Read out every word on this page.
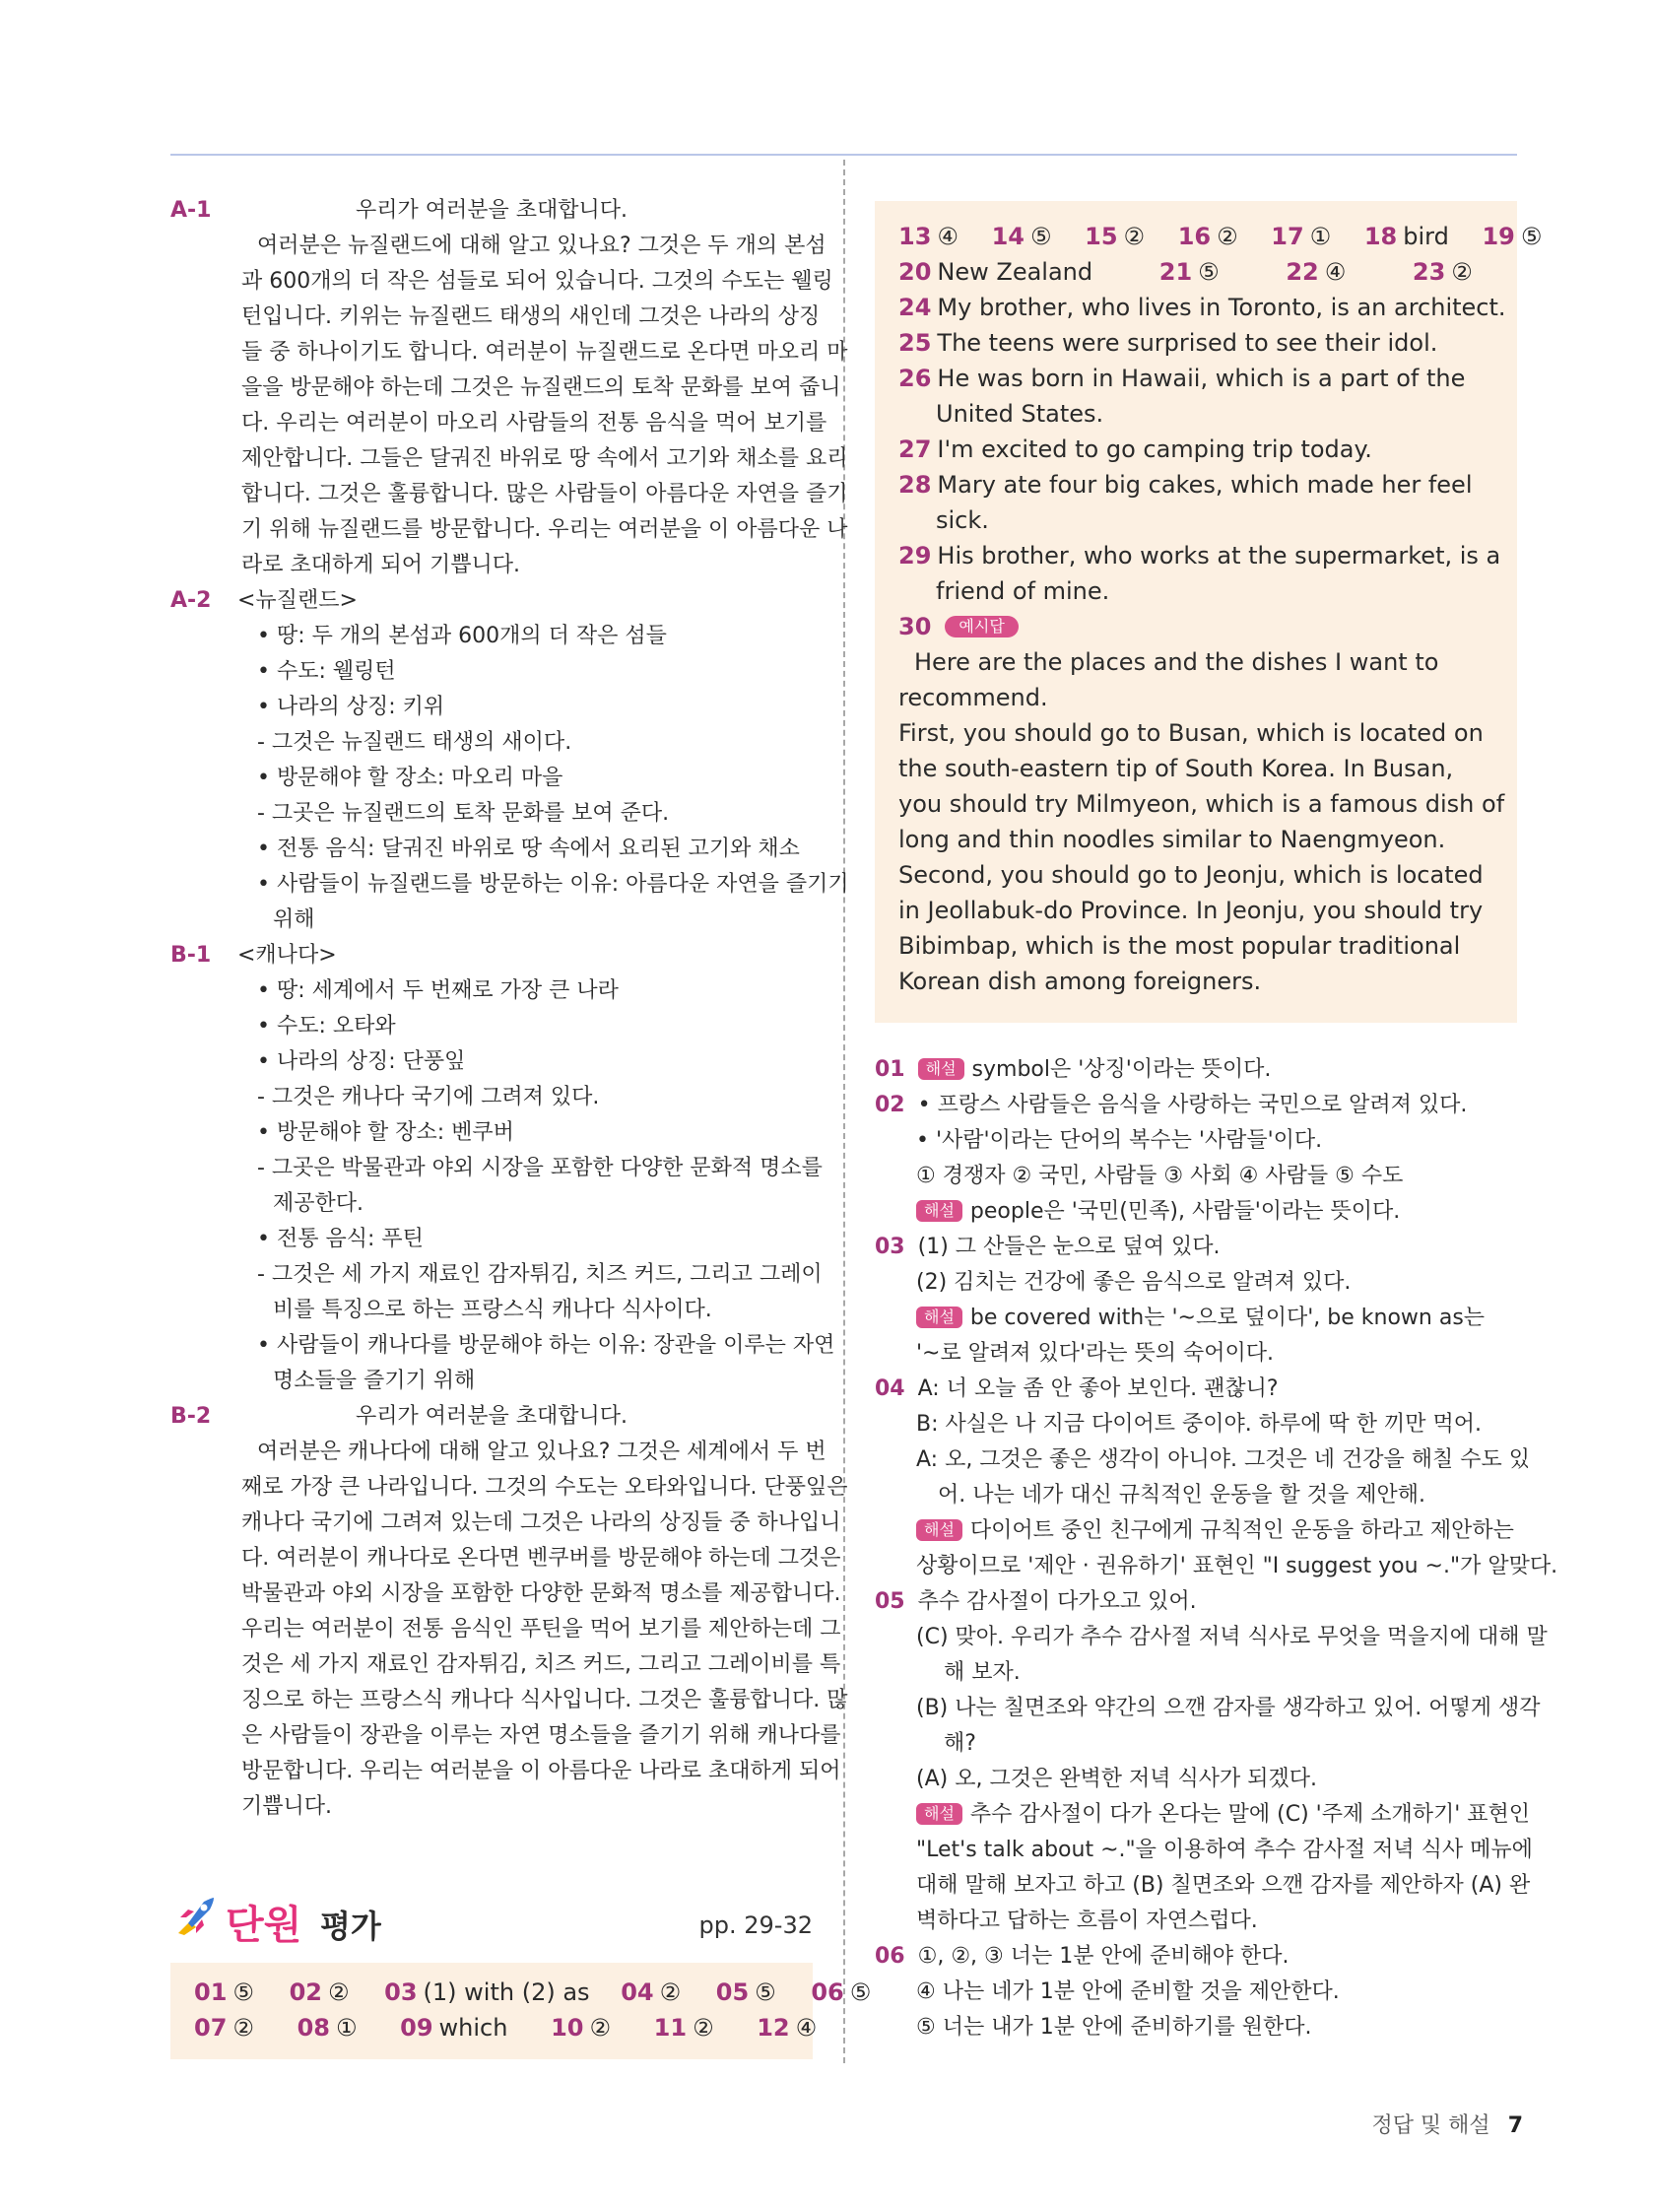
A-1	우리가 여러분을 초대합니다.
여러분은 뉴질랜드에 대해 알고 있나요? 그것은 두 개의 본섬
과 600개의 더 작은 섬들로 되어 있습니다. 그것의 수도는 웰링
턴입니다. 키위는 뉴질랜드 태생의 새인데 그것은 나라의 상징
들 중 하나이기도 합니다. 여러분이 뉴질랜드로 온다면 마오리 마
을을 방문해야 하는데 그것은 뉴질랜드의 토착 문화를 보여 줍니
다. 우리는 여러분이 마오리 사람들의 전통 음식을 먹어 보기를
제안합니다. 그들은 달궈진 바위로 땅 속에서 고기와 채소를 요리
합니다. 그것은 훌륭합니다. 많은 사람들이 아름다운 자연을 즐기
기 위해 뉴질랜드를 방문합니다. 우리는 여러분을 이 아름다운 나
라로 초대하게 되어 기쁩니다.
A-2 <뉴질랜드>
• 땅: 두 개의 본섬과 600개의 더 작은 섬들
• 수도: 웰링턴
• 나라의 상징: 키위
- 그것은 뉴질랜드 태생의 새이다.
• 방문해야 할 장소: 마오리 마을
- 그곳은 뉴질랜드의 토착 문화를 보여 준다.
• 전통 음식: 달궈진 바위로 땅 속에서 요리된 고기와 채소
• 사람들이 뉴질랜드를 방문하는 이유: 아름다운 자연을 즐기기
위해
B-1 <캐나다>
• 땅: 세계에서 두 번째로 가장 큰 나라
• 수도: 오타와
• 나라의 상징: 단풍잎
- 그것은 캐나다 국기에 그려져 있다.
• 방문해야 할 장소: 벤쿠버
- 그곳은 박물관과 야외 시장을 포함한 다양한 문화적 명소를
제공한다.
• 전통 음식: 푸틴
- 그것은 세 가지 재료인 감자튀김, 치즈 커드, 그리고 그레이
비를 특징으로 하는 프랑스식 캐나다 식사이다.
• 사람들이 캐나다를 방문해야 하는 이유: 장관을 이루는 자연
명소들을 즐기기 위해
B-2	우리가 여러분을 초대합니다.
여러분은 캐나다에 대해 알고 있나요? 그것은 세계에서 두 번
째로 가장 큰 나라입니다. 그것의 수도는 오타와입니다. 단풍잎은
캐나다 국기에 그려져 있는데 그것은 나라의 상징들 중 하나입니
다. 여러분이 캐나다로 온다면 벤쿠버를 방문해야 하는데 그것은
박물관과 야외 시장을 포함한 다양한 문화적 명소를 제공합니다.
우리는 여러분이 전통 음식인 푸틴을 먹어 보기를 제안하는데 그
것은 세 가지 재료인 감자튀김, 치즈 커드, 그리고 그레이비를 특
징으로 하는 프랑스식 캐나다 식사입니다. 그것은 훌륭합니다. 많
은 사람들이 장관을 이루는 자연 명소들을 즐기기 위해 캐나다를
방문합니다. 우리는 여러분을 이 아름다운 나라로 초대하게 되어
기쁩니다.
단원 평가	pp. 29-32
01 ⑤ 02 ② 03 (1) with (2) as 04 ② 05 ⑤ 06 ⑤
07 ② 08 ① 09 which 10 ② 11 ② 12 ④
13 ④ 14 ⑤ 15 ② 16 ② 17 ① 18 bird 19 ⑤
20 New Zealand	21 ⑤	22 ④	23 ②
24 My brother, who lives in Toronto, is an architect.
25 The teens were surprised to see their idol.
26 He was born in Hawaii, which is a part of the
United States.
27 I'm excited to go camping trip today.
28 Mary ate four big cakes, which made her feel
sick.
29 His brother, who works at the supermarket, is a
friend of mine.
30 예시답
Here are the places and the dishes I want to
recommend.
First, you should go to Busan, which is located on
the south-eastern tip of South Korea. In Busan,
you should try Milmyeon, which is a famous dish of
long and thin noodles similar to Naengmyeon.
Second, you should go to Jeonju, which is located
in Jeollabuk-do Province. In Jeonju, you should try
Bibimbap, which is the most popular traditional
Korean dish among foreigners.
01 해설 symbol은 '상징'이라는 뜻이다.
02 • 프랑스 사람들은 음식을 사랑하는 국민으로 알려져 있다.
• '사람'이라는 단어의 복수는 '사람들'이다.
① 경쟁자 ② 국민, 사람들 ③ 사회 ④ 사람들 ⑤ 수도
해설 people은 '국민(민족), 사람들'이라는 뜻이다.
03 (1) 그 산들은 눈으로 덮여 있다.
(2) 김치는 건강에 좋은 음식으로 알려져 있다.
해설 be covered with는 '~으로 덮이다', be known as는
'~로 알려져 있다'라는 뜻의 숙어이다.
04 A: 너 오늘 좀 안 좋아 보인다. 괜찮니?
B: 사실은 나 지금 다이어트 중이야. 하루에 딱 한 끼만 먹어.
A: 오, 그것은 좋은 생각이 아니야. 그것은 네 건강을 해칠 수도 있
어. 나는 네가 대신 규칙적인 운동을 할 것을 제안해.
해설 다이어트 중인 친구에게 규칙적인 운동을 하라고 제안하는
상황이므로 '제안 · 권유하기' 표현인 "I suggest you ~."가 알맞다.
05 추수 감사절이 다가오고 있어.
(C) 맞아. 우리가 추수 감사절 저녁 식사로 무엇을 먹을지에 대해 말
해 보자.
(B) 나는 칠면조와 약간의 으깬 감자를 생각하고 있어. 어떻게 생각
해?
(A) 오, 그것은 완벽한 저녁 식사가 되겠다.
해설 추수 감사절이 다가 온다는 말에 (C) '주제 소개하기' 표현인
"Let's talk about ~."을 이용하여 추수 감사절 저녁 식사 메뉴에
대해 말해 보자고 하고 (B) 칠면조와 으깬 감자를 제안하자 (A) 완
벽하다고 답하는 흐름이 자연스럽다.
06 ①, ②, ③ 너는 1분 안에 준비해야 한다.
④ 나는 네가 1분 안에 준비할 것을 제안한다.
⑤ 너는 내가 1분 안에 준비하기를 원한다.
정답 및 해설 7
